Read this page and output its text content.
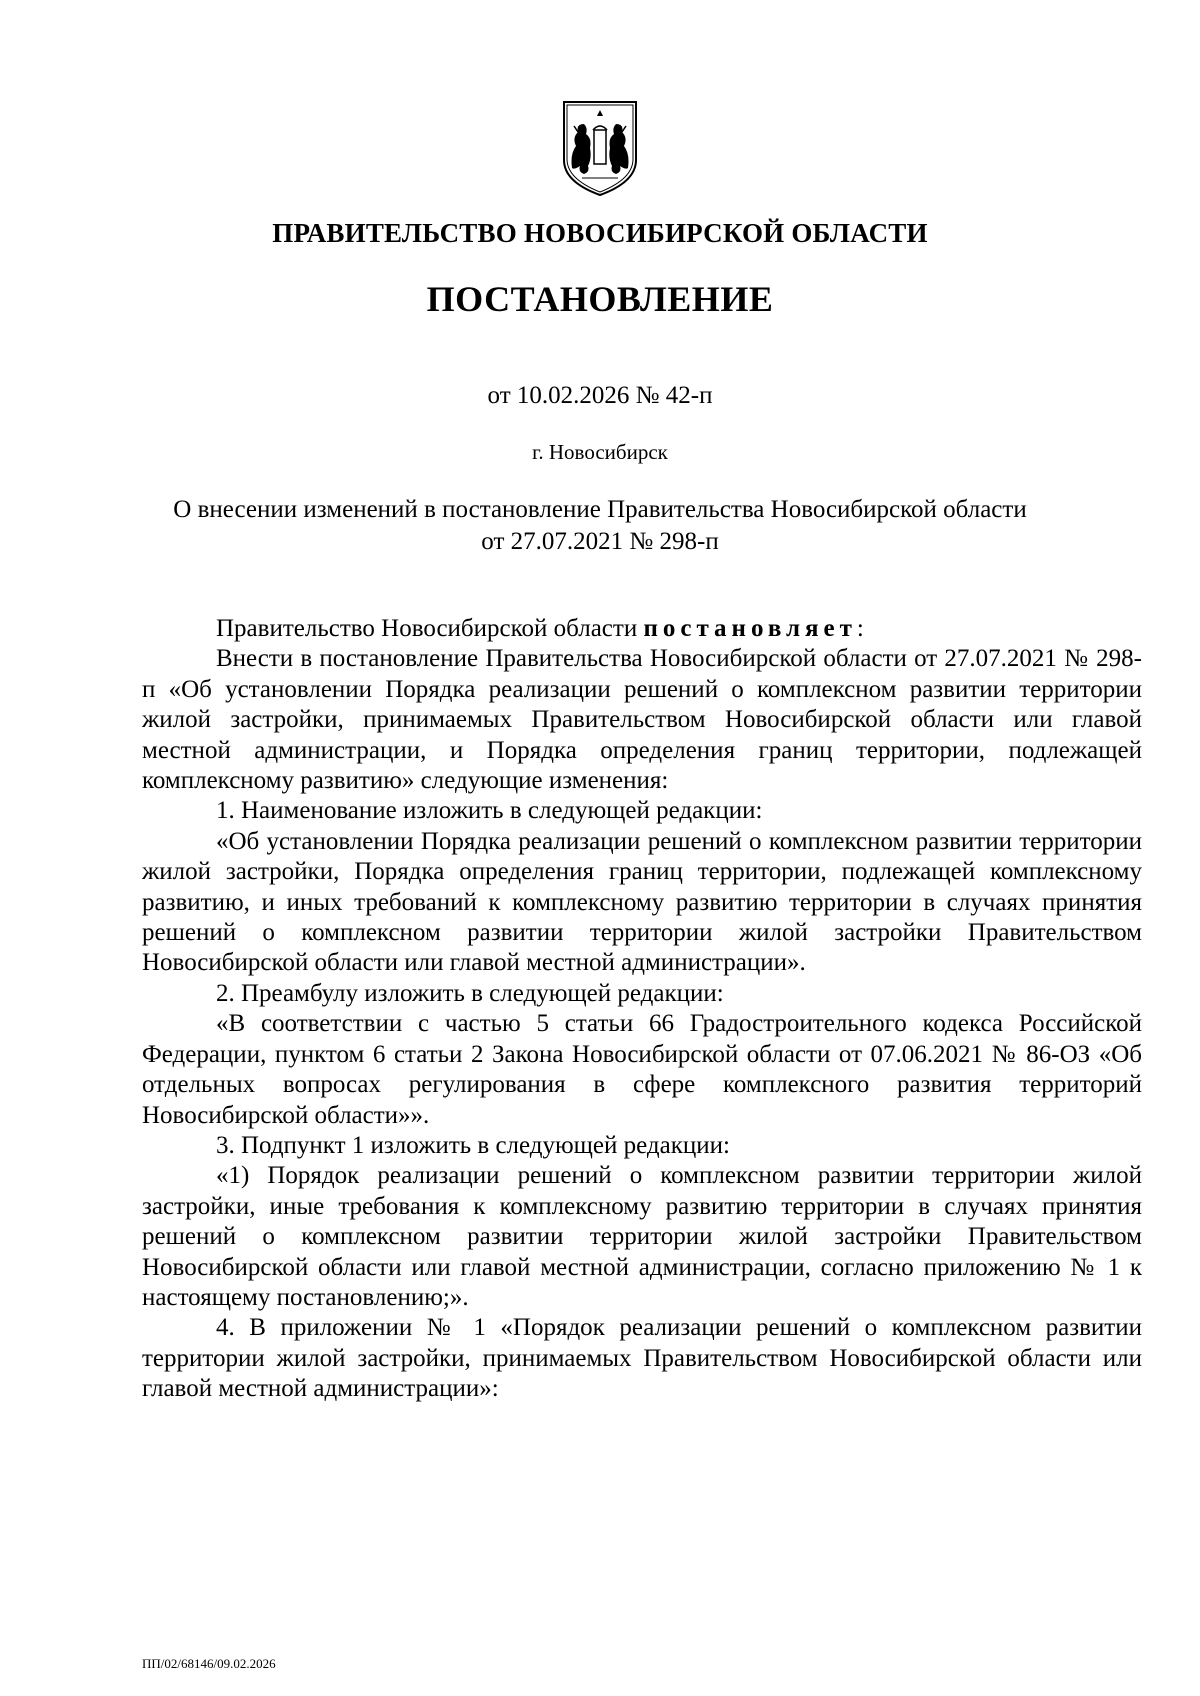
ПРАВИТЕЛЬСТВО НОВОСИБИРСКОЙ ОБЛАСТИ
ПОСТАНОВЛЕНИЕ
от 10.02.2026 № 42-п
г. Новосибирск
О внесении изменений в постановление Правительства Новосибирской области
от 27.07.2021 № 298-п

Правительство Новосибирской области постановляет:

Внести в постановление Правительства Новосибирской области от 27.07.2021 № 298-п «Об установлении Порядка реализации решений о комплексном развитии территории жилой застройки, принимаемых Правительством Новосибирской области или главой местной администрации, и Порядка определения границ территории, подлежащей комплексному развитию» следующие изменения:

1. Наименование изложить в следующей редакции:

«Об установлении Порядка реализации решений о комплексном развитии территории жилой застройки, Порядка определения границ территории, подлежащей комплексному развитию, и иных требований к комплексному развитию территории в случаях принятия решений о комплексном развитии территории жилой застройки Правительством Новосибирской области или главой местной администрации».

2. Преамбулу изложить в следующей редакции:

«В соответствии с частью 5 статьи 66 Градостроительного кодекса Российской Федерации, пунктом 6 статьи 2 Закона Новосибирской области от 07.06.2021 № 86-ОЗ «Об отдельных вопросах регулирования в сфере комплексного развития территорий Новосибирской области»».

3. Подпункт 1 изложить в следующей редакции:

«1) Порядок реализации решений о комплексном развитии территории жилой застройки, иные требования к комплексному развитию территории в случаях принятия решений о комплексном развитии территории жилой застройки Правительством Новосибирской области или главой местной администрации, согласно приложению № 1 к настоящему постановлению;».

4. В приложении № 1 «Порядок реализации решений о комплексном развитии территории жилой застройки, принимаемых Правительством Новосибирской области или главой местной администрации»:

ПП/02/68146/09.02.2026
